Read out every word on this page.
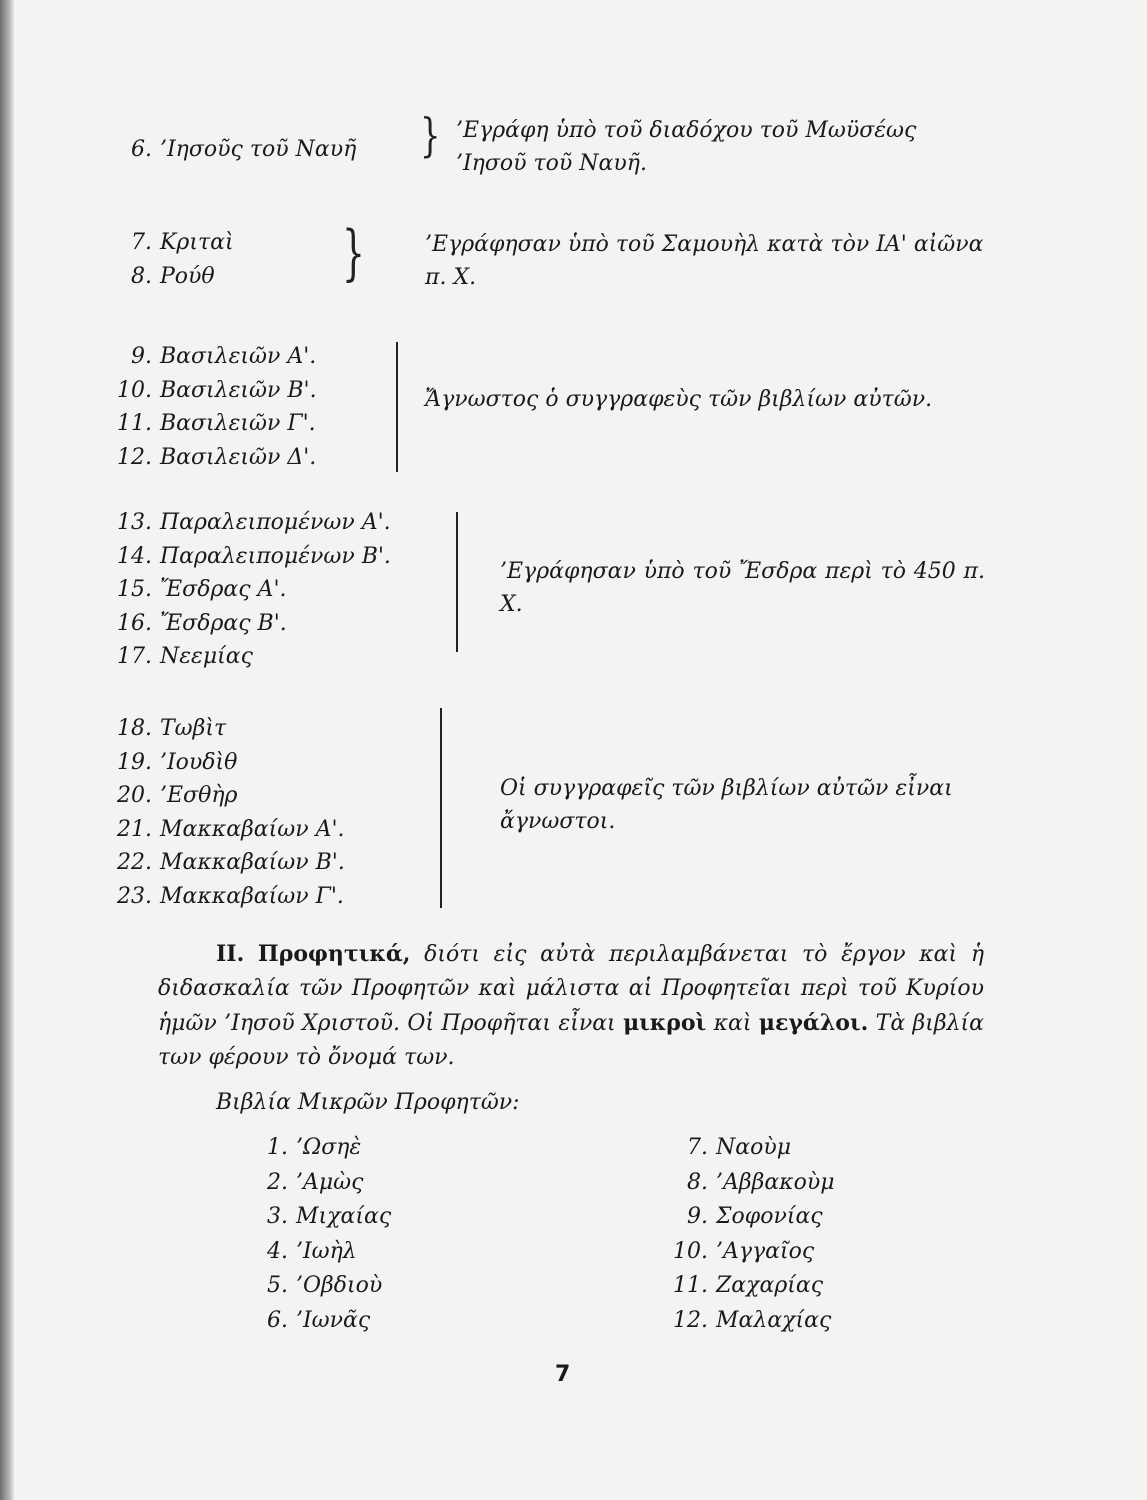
6. ’Ιησοῦς τοῦ Ναυῆ } ’Εγράφη ὑπὸ τοῦ διαδόχου τοῦ Μωϋσέως ’Ιησοῦ τοῦ Ναυῆ.
7. Κριταὶ
8. Ρούθ	}	’Εγράφησαν ὑπὸ τοῦ Σαμουὴλ κατὰ τὸν ΙΑ' αἰῶνα π. Χ.
9. Βασιλειῶν Α'.
10. Βασιλειῶν Β'.
11. Βασιλειῶν Γ'.
12. Βασιλειῶν Δ'.
Ἄγνωστος ὁ συγγραφεὺς τῶν βιβλίων αὐτῶν.
13. Παραλειπομένων Α'.
14. Παραλειπομένων Β'.
15. Ἔσδρας Α'.
16. Ἔσδρας Β'.
17. Νεεμίας
’Εγράφησαν ὑπὸ τοῦ Ἔσδρα περὶ τὸ 450 π. Χ.
18. Τωβὶτ
19. ’Ιουδὶθ
20. ’Εσθὴρ
21. Μακκαβαίων Α'.
22. Μακκαβαίων Β'.
23. Μακκαβαίων Γ'.
Οἱ συγγραφεῖς τῶν βιβλίων αὐτῶν εἶναι ἄγνωστοι.
II. Προφητικά, διότι εἰς αὐτὰ περιλαμβάνεται τὸ ἔργον καὶ ἡ διδασκαλία τῶν Προφητῶν καὶ μάλιστα αἱ Προφητεῖαι περὶ τοῦ Κυρίου ἡμῶν ’Ιησοῦ Χριστοῦ. Οἱ Προφῆται εἶναι μικροὶ καὶ μεγάλοι. Τὰ βιβλία των φέρουν τὸ ὄνομά των.
Βιβλία Μικρῶν Προφητῶν:
1. ’Ωσηὲ
2. ’Αμὼς
3. Μιχαίας
4. ’Ιωὴλ
5. ’Οβδιοὺ
6. ’Ιωνᾶς
7. Ναοὺμ
8. ’Αββακοὺμ
9. Σοφονίας
10. ’Αγγαῖος
11. Ζαχαρίας
12. Μαλαχίας
7
